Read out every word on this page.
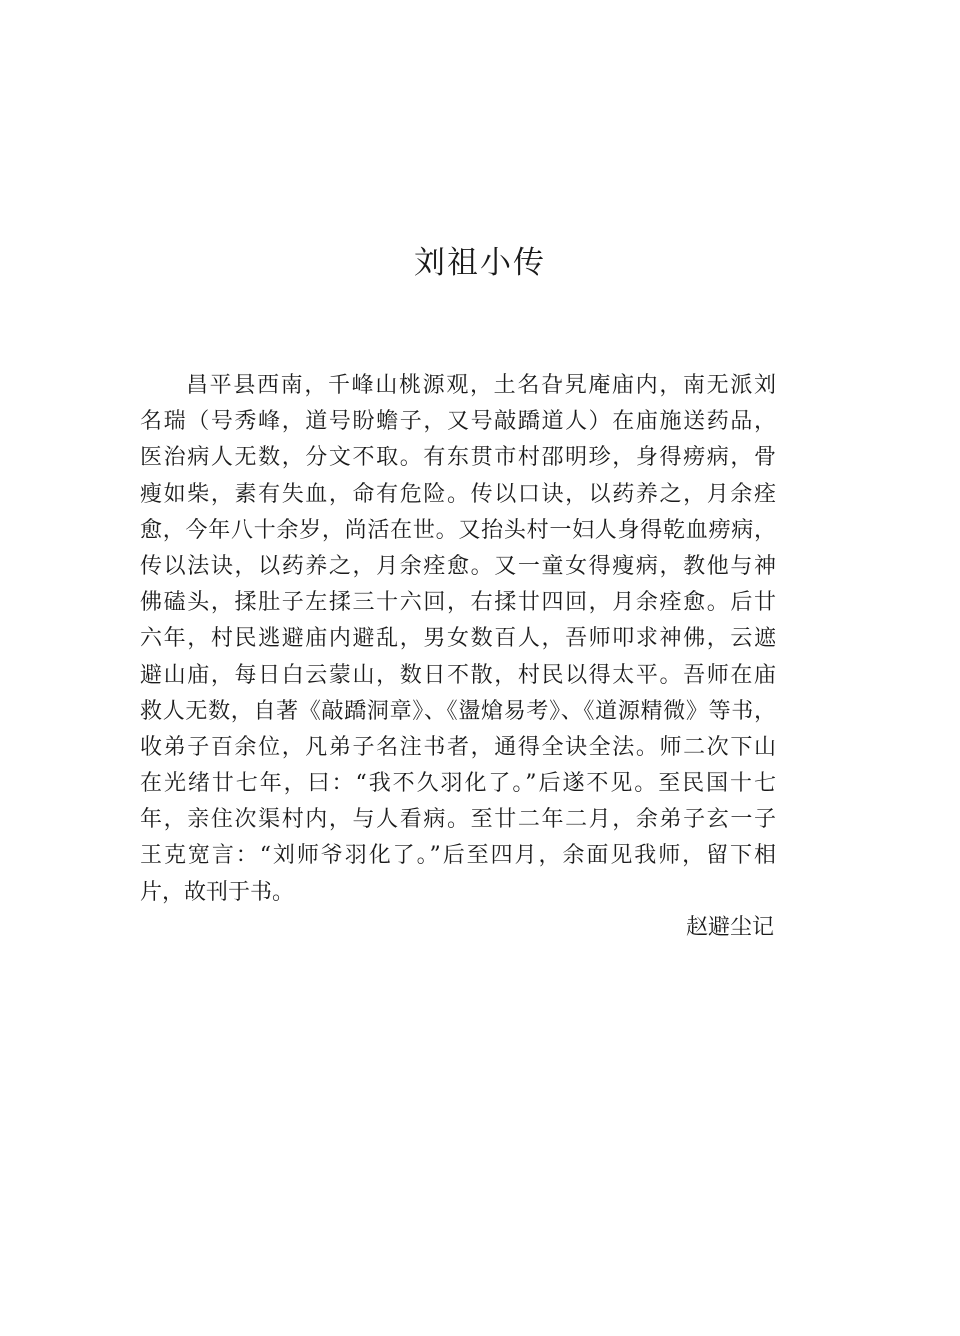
刘祖小传
昌平县西南，千峰山桃源观，土名旮旯庵庙内，南无派刘
名瑞（号秀峰，道号盼蟾子，又号敲蹻道人）在庙施送药品，
医治病人无数，分文不取。有东贯市村邵明珍，身得痨病，骨
瘦如柴，素有失血，命有危险。传以口诀，以药养之，月余痊
愈，今年八十余岁，尚活在世。又抬头村一妇人身得乾血痨病，
传以法诀，以药养之，月余痊愈。又一童女得瘦病，教他与神
佛磕头，揉肚子左揉三十六回，右揉廿四回，月余痊愈。后廿
六年，村民逃避庙内避乱，男女数百人，吾师叩求神佛，云遮
避山庙，每日白云蒙山，数日不散，村民以得太平。吾师在庙
救人无数，自著《敲蹻洞章》、《盪熗易考》、《道源精微》等书，
收弟子百余位，凡弟子名注书者，通得全诀全法。师二次下山
在光绪廿七年，曰：“我不久羽化了。”后遂不见。至民国十七
年，亲住次渠村内，与人看病。至廿二年二月，余弟子玄一子
王克宽言：“刘师爷羽化了。”后至四月，余面见我师，留下相
片，故刊于书。

赵避尘记
